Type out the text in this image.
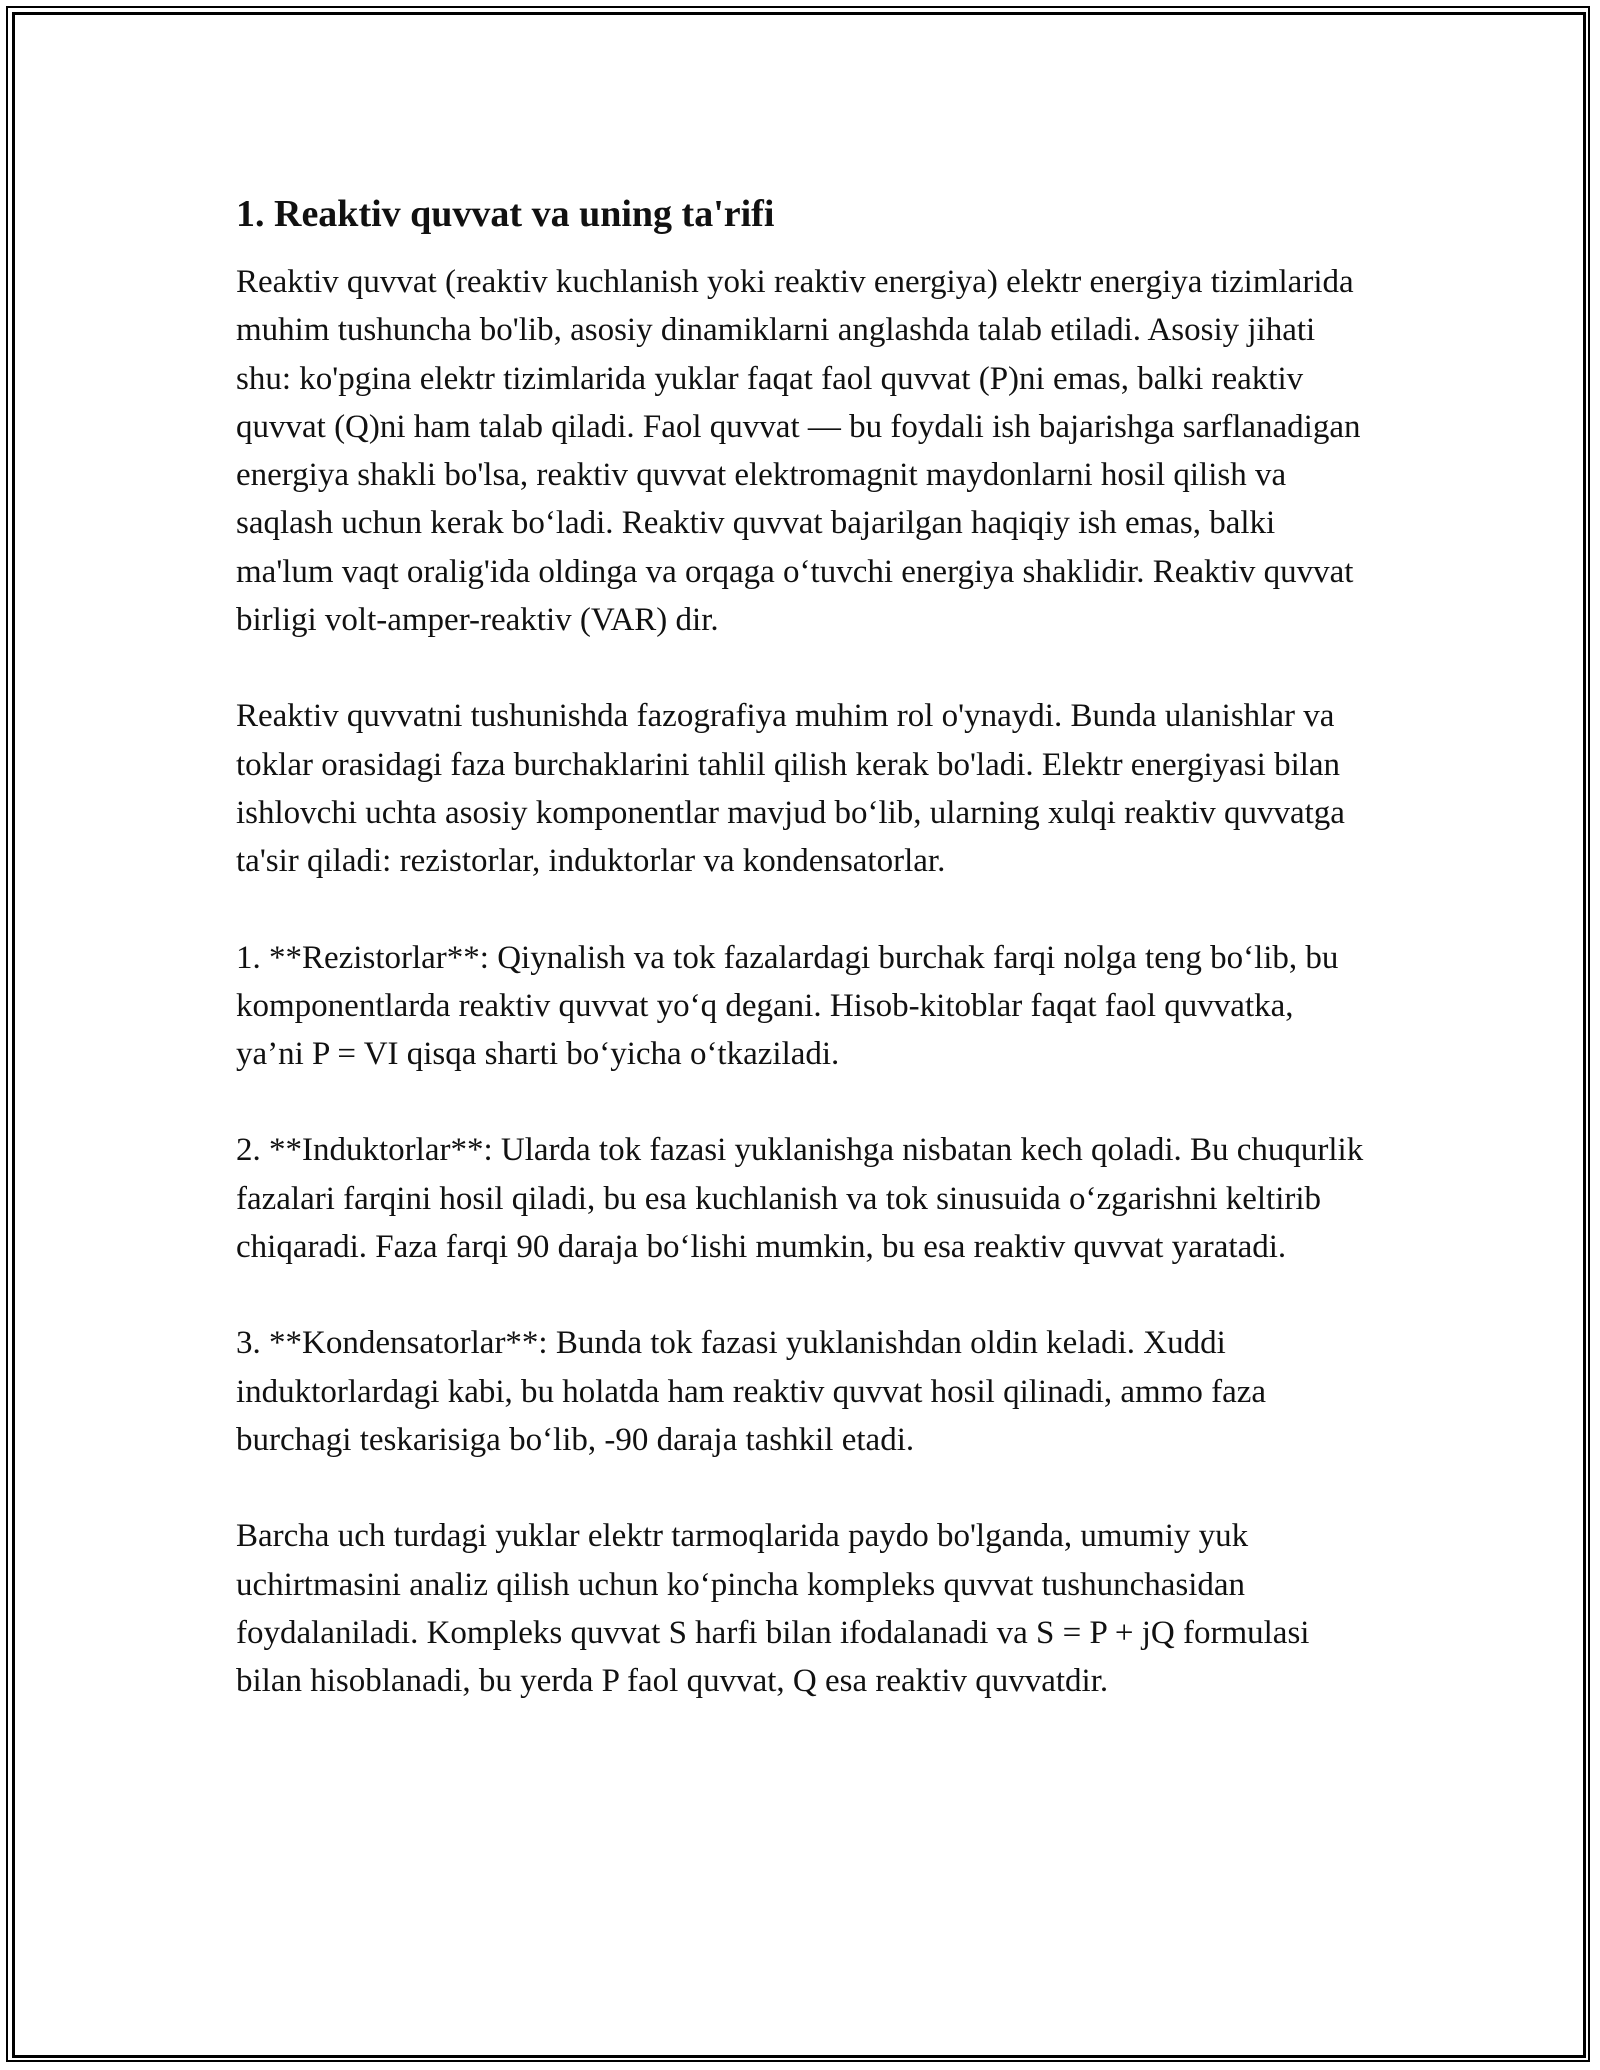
1. Reaktiv quvvat va uning ta'rifi

Reaktiv quvvat (reaktiv kuchlanish yoki reaktiv energiya) elektr energiya tizimlarida muhim tushuncha bo'lib, asosiy dinamiklarni anglashda talab etiladi. Asosiy jihati shu: ko'pgina elektr tizimlarida yuklar faqat faol quvvat (P)ni emas, balki reaktiv quvvat (Q)ni ham talab qiladi. Faol quvvat — bu foydali ish bajarishga sarflanadigan energiya shakli bo'lsa, reaktiv quvvat elektromagnit maydonlarni hosil qilish va saqlash uchun kerak bo‘ladi. Reaktiv quvvat bajarilgan haqiqiy ish emas, balki ma'lum vaqt oralig'ida oldinga va orqaga o‘tuvchi energiya shaklidir. Reaktiv quvvat birligi volt-amper-reaktiv (VAR) dir.

Reaktiv quvvatni tushunishda fazografiya muhim rol o'ynaydi. Bunda ulanishlar va toklar orasidagi faza burchaklarini tahlil qilish kerak bo'ladi. Elektr energiyasi bilan ishlovchi uchta asosiy komponentlar mavjud bo‘lib, ularning xulqi reaktiv quvvatga ta'sir qiladi: rezistorlar, induktorlar va kondensatorlar.

1. **Rezistorlar**: Qiynalish va tok fazalardagi burchak farqi nolga teng bo‘lib, bu komponentlarda reaktiv quvvat yo‘q degani. Hisob-kitoblar faqat faol quvvatka, ya’ni P = VI qisqa sharti bo‘yicha o‘tkaziladi.

2. **Induktorlar**: Ularda tok fazasi yuklanishga nisbatan kech qoladi. Bu chuqurlik fazalari farqini hosil qiladi, bu esa kuchlanish va tok sinusuida o‘zgarishni keltirib chiqaradi. Faza farqi 90 daraja bo‘lishi mumkin, bu esa reaktiv quvvat yaratadi.

3. **Kondensatorlar**: Bunda tok fazasi yuklanishdan oldin keladi. Xuddi induktorlardagi kabi, bu holatda ham reaktiv quvvat hosil qilinadi, ammo faza burchagi teskarisiga bo‘lib, -90 daraja tashkil etadi.

Barcha uch turdagi yuklar elektr tarmoqlarida paydo bo'lganda, umumiy yuk uchirtmasini analiz qilish uchun ko‘pincha kompleks quvvat tushunchasidan foydalaniladi. Kompleks quvvat S harfi bilan ifodalanadi va S = P + jQ formulasi bilan hisoblanadi, bu yerda P faol quvvat, Q esa reaktiv quvvatdir.
